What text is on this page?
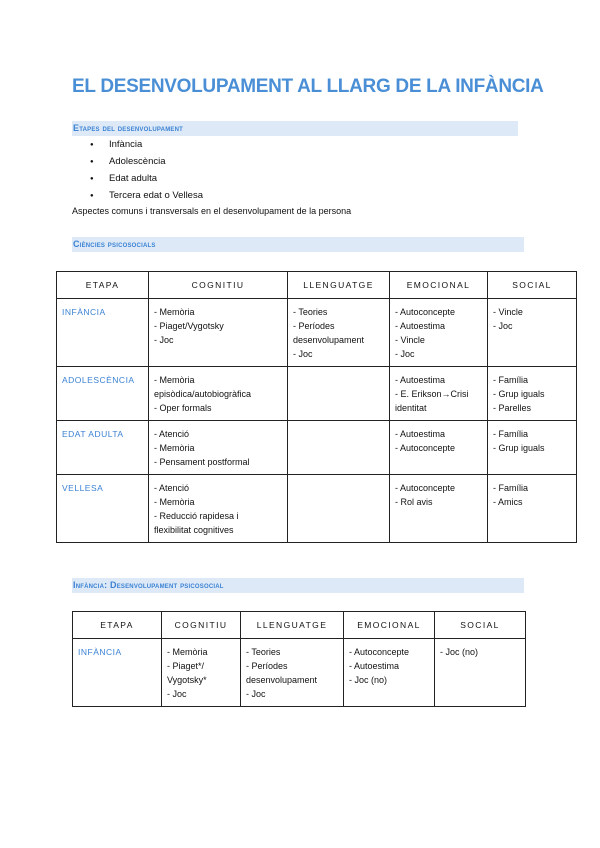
EL DESENVOLUPAMENT AL LLARG DE LA INFÀNCIA
Etapes del desenvolupament
● Infància
● Adolescència
● Edat adulta
● Tercera edat o Vellesa
Aspectes comuns i transversals en el desenvolupament de la persona
Ciències psicosocials
ETAPA	COGNITIU	LLENGUATGE	EMOCIONAL	SOCIAL
INFÀNCIA	- Memòria
- Piaget/Vygotsky
- Joc	- Teories
- Períodes
desenvolupament
- Joc	- Autoconcepte
- Autoestima
- Vincle
- Joc	- Vincle
- Joc

ADOLESCÈNCIA	- Memòria
episòdica/autobiogràfica
- Oper formals		- Autoestima
- E. Erikson→Crisi
identitat	- Família
- Grup iguals
- Parelles

EDAT ADULTA	- Atenció
- Memòria
- Pensament postformal		- Autoestima
- Autoconcepte	- Família
- Grup iguals

VELLESA	- Atenció
- Memòria
- Reducció rapidesa i
flexibilitat cognitives		- Autoconcepte
- Rol avis	- Família
- Amics
Infància: Desenvolupament psicosocial
ETAPA	COGNITIU	LLENGUATGE	EMOCIONAL	SOCIAL
INFÀNCIA	- Memòria
- Piaget*/
Vygotsky*
- Joc	- Teories
- Períodes
desenvolupament
- Joc	- Autoconcepte
- Autoestima
- Joc (no)	- Joc (no)
